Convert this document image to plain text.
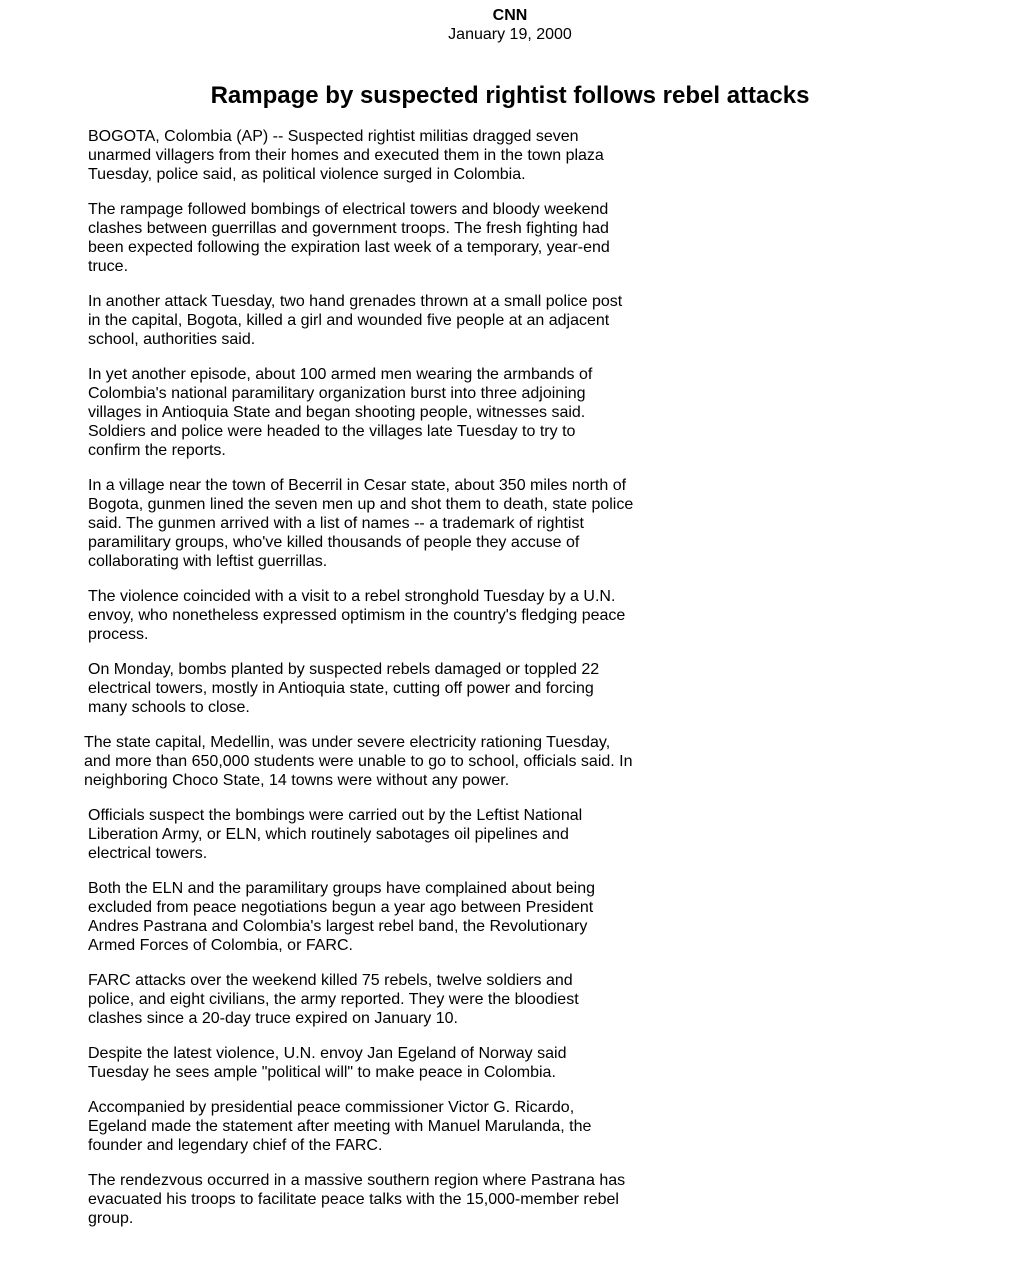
CNN
January 19, 2000
Rampage by suspected rightist follows rebel attacks

BOGOTA, Colombia (AP) -- Suspected rightist militias dragged seven unarmed villagers from their homes and executed them in the town plaza Tuesday, police said, as political violence surged in Colombia.

The rampage followed bombings of electrical towers and bloody weekend clashes between guerrillas and government troops. The fresh fighting had been expected following the expiration last week of a temporary, year-end truce.

In another attack Tuesday, two hand grenades thrown at a small police post in the capital, Bogota, killed a girl and wounded five people at an adjacent school, authorities said.

In yet another episode, about 100 armed men wearing the armbands of Colombia's national paramilitary organization burst into three adjoining villages in Antioquia State and began shooting people, witnesses said. Soldiers and police were headed to the villages late Tuesday to try to confirm the reports.

In a village near the town of Becerril in Cesar state, about 350 miles north of Bogota, gunmen lined the seven men up and shot them to death, state police said. The gunmen arrived with a list of names -- a trademark of rightist paramilitary groups, who've killed thousands of people they accuse of collaborating with leftist guerrillas.

The violence coincided with a visit to a rebel stronghold Tuesday by a U.N. envoy, who nonetheless expressed optimism in the country's fledging peace process.

On Monday, bombs planted by suspected rebels damaged or toppled 22 electrical towers, mostly in Antioquia state, cutting off power and forcing many schools to close.

The state capital, Medellin, was under severe electricity rationing Tuesday, and more than 650,000 students were unable to go to school, officials said. In neighboring Choco State, 14 towns were without any power.

Officials suspect the bombings were carried out by the Leftist National Liberation Army, or ELN, which routinely sabotages oil pipelines and electrical towers.

Both the ELN and the paramilitary groups have complained about being excluded from peace negotiations begun a year ago between President Andres Pastrana and Colombia's largest rebel band, the Revolutionary Armed Forces of Colombia, or FARC.

FARC attacks over the weekend killed 75 rebels, twelve soldiers and police, and eight civilians, the army reported. They were the bloodiest clashes since a 20-day truce expired on January 10.

Despite the latest violence, U.N. envoy Jan Egeland of Norway said Tuesday he sees ample "political will" to make peace in Colombia.

Accompanied by presidential peace commissioner Victor G. Ricardo, Egeland made the statement after meeting with Manuel Marulanda, the founder and legendary chief of the FARC.

The rendezvous occurred in a massive southern region where Pastrana has evacuated his troops to facilitate peace talks with the 15,000-member rebel group.
